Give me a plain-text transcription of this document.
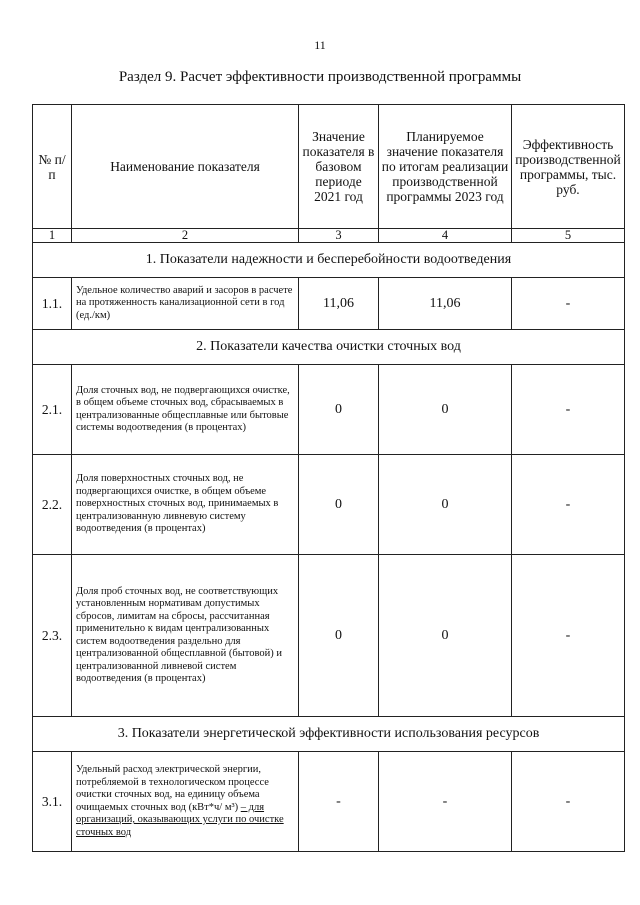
11
Раздел 9. Расчет эффективности производственной программы
№ п/п	Наименование показателя	Значение показателя в базовом периоде 2021 год	Планируемое значение показателя по итогам реализации производственной программы 2023 год	Эффективность производственной программы, тыс. руб.
1	2	3	4	5
1. Показатели надежности и бесперебойности водоотведения				
1.1.	Удельное количество аварий и засоров в расчете на протяженность канализационной сети в год (ед./км)	11,06	11,06	-
2. Показатели качества очистки сточных вод				
2.1.	Доля сточных вод, не подвергающихся очистке, в общем объеме сточных вод, сбрасываемых в централизованные общесплавные или бытовые системы водоотведения (в процентах)	0	0	-
2.2.	Доля поверхностных сточных вод, не подвергающихся очистке, в общем объеме поверхностных сточных вод, принимаемых в централизованную ливневую систему водоотведения (в процентах)	0	0	-
2.3.	Доля проб сточных вод, не соответствующих установленным нормативам допустимых сбросов, лимитам на сбросы, рассчитанная применительно к видам централизованных систем водоотведения раздельно для централизованной общесплавной (бытовой) и централизованной ливневой систем водоотведения (в процентах)	0	0	-
3. Показатели энергетической эффективности использования ресурсов				
3.1.	Удельный расход электрической энергии, потребляемой в технологическом процессе очистки сточных вод, на единицу объема очищаемых сточных вод (кВт*ч/ м³) – для организаций, оказывающих услуги по очистке сточных вод	-	-	-
